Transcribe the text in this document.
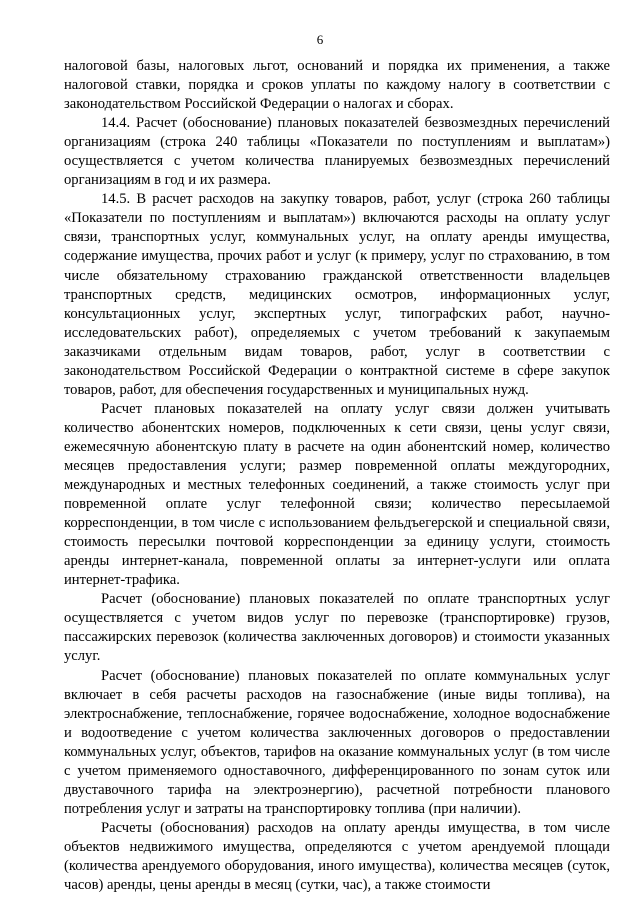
6

налоговой базы, налоговых льгот, оснований и порядка их применения, а также налоговой ставки, порядка и сроков уплаты по каждому налогу в соответствии с законодательством Российской Федерации о налогах и сборах.

14.4. Расчет (обоснование) плановых показателей безвозмездных перечислений организациям (строка 240 таблицы «Показатели по поступлениям и выплатам») осуществляется с учетом количества планируемых безвозмездных перечислений организациям в год и их размера.

14.5. В расчет расходов на закупку товаров, работ, услуг (строка 260 таблицы «Показатели по поступлениям и выплатам») включаются расходы на оплату услуг связи, транспортных услуг, коммунальных услуг, на оплату аренды имущества, содержание имущества, прочих работ и услуг (к примеру, услуг по страхованию, в том числе обязательному страхованию гражданской ответственности владельцев транспортных средств, медицинских осмотров, информационных услуг, консультационных услуг, экспертных услуг, типографских работ, научно-исследовательских работ), определяемых с учетом требований к закупаемым заказчиками отдельным видам товаров, работ, услуг в соответствии с законодательством Российской Федерации о контрактной системе в сфере закупок товаров, работ, для обеспечения государственных и муниципальных нужд.

Расчет плановых показателей на оплату услуг связи должен учитывать количество абонентских номеров, подключенных к сети связи, цены услуг связи, ежемесячную абонентскую плату в расчете на один абонентский номер, количество месяцев предоставления услуги; размер повременной оплаты междугородних, международных и местных телефонных соединений, а также стоимость услуг при повременной оплате услуг телефонной связи; количество пересылаемой корреспонденции, в том числе с использованием фельдъегерской и специальной связи, стоимость пересылки почтовой корреспонденции за единицу услуги, стоимость аренды интернет-канала, повременной оплаты за интернет-услуги или оплата интернет-трафика.

Расчет (обоснование) плановых показателей по оплате транспортных услуг осуществляется с учетом видов услуг по перевозке (транспортировке) грузов, пассажирских перевозок (количества заключенных договоров) и стоимости указанных услуг.

Расчет (обоснование) плановых показателей по оплате коммунальных услуг включает в себя расчеты расходов на газоснабжение (иные виды топлива), на электроснабжение, теплоснабжение, горячее водоснабжение, холодное водоснабжение и водоотведение с учетом количества заключенных договоров о предоставлении коммунальных услуг, объектов, тарифов на оказание коммунальных услуг (в том числе с учетом применяемого одноставочного, дифференцированного по зонам суток или двуставочного тарифа на электроэнергию), расчетной потребности планового потребления услуг и затраты на транспортировку топлива (при наличии).

Расчеты (обоснования) расходов на оплату аренды имущества, в том числе объектов недвижимого имущества, определяются с учетом арендуемой площади (количества арендуемого оборудования, иного имущества), количества месяцев (суток, часов) аренды, цены аренды в месяц (сутки, час), а также стоимости
